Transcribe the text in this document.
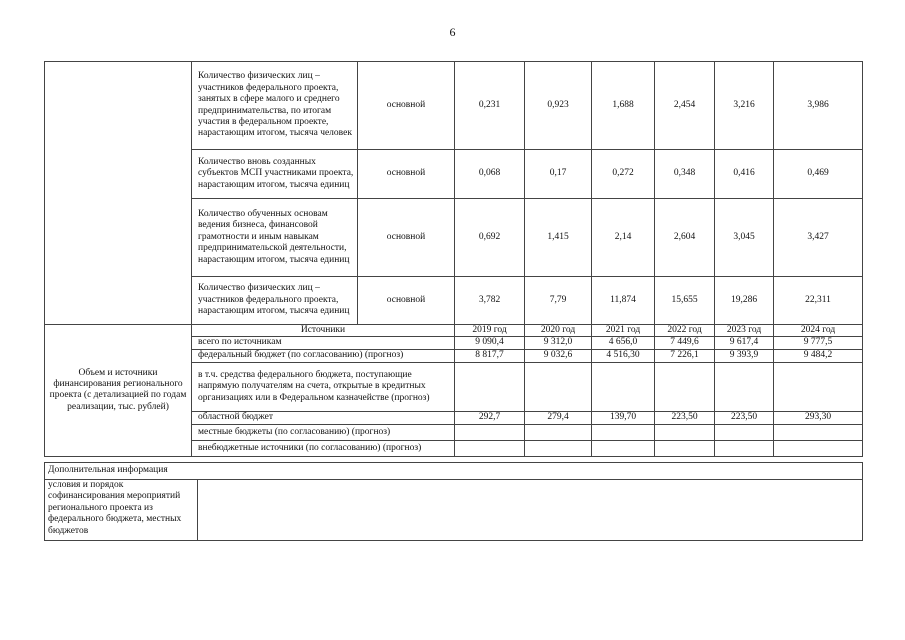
6
	Количество физических лиц – участников федерального проекта, занятых в сфере малого и среднего предпринимательства, по итогам участия в федеральном проекте, нарастающим итогом, тысяча человек	основной	0,231	0,923	1,688	2,454	3,216	3,986
	Количество вновь созданных субъектов МСП участниками проекта, нарастающим итогом, тысяча единиц	основной	0,068	0,17	0,272	0,348	0,416	0,469
	Количество обученных основам ведения бизнеса, финансовой грамотности и иным навыкам предпринимательской деятельности, нарастающим итогом, тысяча единиц	основной	0,692	1,415	2,14	2,604	3,045	3,427
	Количество физических лиц – участников федерального проекта, нарастающим итогом, тысяча единиц	основной	3,782	7,79	11,874	15,655	19,286	22,311
Объем и источники финансирования регионального проекта (с детализацией по годам реализации, тыс. рублей)	Источники	2019 год	2020 год	2021 год	2022 год	2023 год	2024 год
	всего по источникам	9 090,4	9 312,0	4 656,0	7 449,6	9 617,4	9 777,5
	федеральный бюджет (по согласованию) (прогноз)	8 817,7	9 032,6	4 516,30	7 226,1	9 393,9	9 484,2
	в т.ч. средства федерального бюджета, поступающие напрямую получателям на счета, открытые в кредитных организациях или в Федеральном казначействе (прогноз)						
	областной бюджет	292,7	279,4	139,70	223,50	223,50	293,30
	местные бюджеты (по согласованию) (прогноз)						
	внебюджетные источники (по согласованию) (прогноз)						
Дополнительная информация
условия и порядок софинансирования мероприятий регионального проекта из федерального бюджета, местных бюджетов	
